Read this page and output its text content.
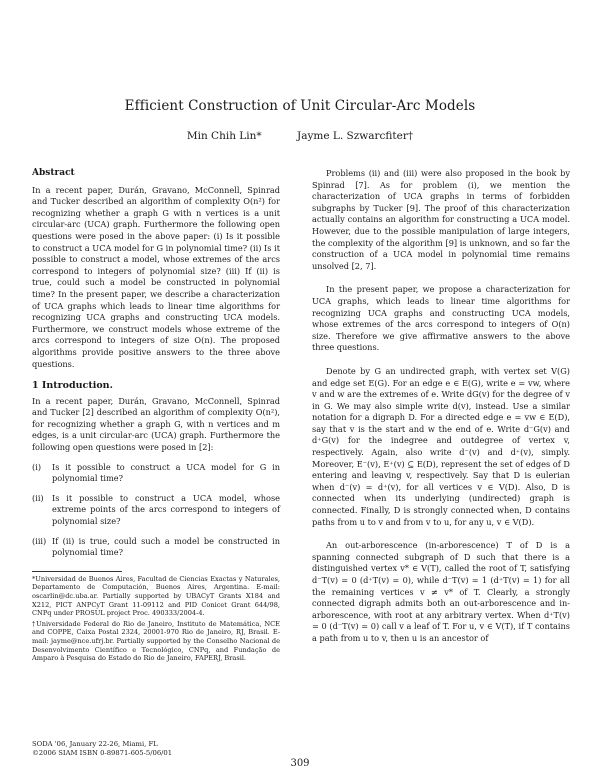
Efficient Construction of Unit Circular-Arc Models
Min Chih Lin*	Jayme L. Szwarcfiter†
Abstract

In a recent paper, Durán, Gravano, McConnell, Spinrad and Tucker described an algorithm of complexity O(n²) for recognizing whether a graph G with n vertices is a unit circular-arc (UCA) graph. Furthermore the following open questions were posed in the above paper: (i) Is it possible to construct a UCA model for G in polynomial time? (ii) Is it possible to construct a model, whose extremes of the arcs correspond to integers of polynomial size? (iii) If (ii) is true, could such a model be constructed in polynomial time? In the present paper, we describe a characterization of UCA graphs which leads to linear time algorithms for recognizing UCA graphs and constructing UCA models. Furthermore, we construct models whose extreme of the arcs correspond to integers of size O(n). The proposed algorithms provide positive answers to the three above questions.

1 Introduction.

In a recent paper, Durán, Gravano, McConnell, Spinrad and Tucker [2] described an algorithm of complexity O(n²), for recognizing whether a graph G, with n vertices and m edges, is a unit circular-arc (UCA) graph. Furthermore the following open questions were posed in [2]:

(i)	Is it possible to construct a UCA model for G in polynomial time?
(ii)	Is it possible to construct a UCA model, whose extreme points of the arcs correspond to integers of polynomial size?
(iii) If (ii) is true, could such a model be constructed in polynomial time?

*Universidad de Buenos Aires, Facultad de Ciencias Exactas y Naturales, Departamento de Computación, Buenos Aires, Argentina. E-mail: oscarlin@dc.uba.ar. Partially supported by UBACyT Grants X184 and X212, PICT ANPCyT Grant 11-09112 and PID Conicet Grant 644/98, CNPq under PROSUL project Proc. 490333/2004-4.

†Universidade Federal do Rio de Janeiro, Instituto de Matemática, NCE and COPPE, Caixa Postal 2324, 20001-970 Rio de Janeiro, RJ, Brasil. E-mail: jayme@nce.ufrj.br. Partially supported by the Conselho Nacional de Desenvolvimento Científico e Tecnológico, CNPq, and Fundação de Amparo à Pesquisa do Estado do Rio de Janeiro, FAPERJ, Brasil.

SODA '06, January 22-26, Miami, FL
©2006 SIAM ISBN 0-89871-605-5/06/01

Problems (ii) and (iii) were also proposed in the book by Spinrad [7]. As for problem (i), we mention the characterization of UCA graphs in terms of forbidden subgraphs by Tucker [9]. The proof of this characterization actually contains an algorithm for constructing a UCA model. However, due to the possible manipulation of large integers, the complexity of the algorithm [9] is unknown, and so far the construction of a UCA model in polynomial time remains unsolved [2, 7].

In the present paper, we propose a characterization for UCA graphs, which leads to linear time algorithms for recognizing UCA graphs and constructing UCA models, whose extremes of the arcs correspond to integers of O(n) size. Therefore we give affirmative answers to the above three questions.

Denote by G an undirected graph, with vertex set V(G) and edge set E(G). For an edge e ∈ E(G), write e = vw, where v and w are the extremes of e. Write dG(v) for the degree of v in G. We may also simple write d(v), instead. Use a similar notation for a digraph D. For a directed edge e = vw ∈ E(D), say that v is the start and w the end of e. Write d⁻G(v) and d⁺G(v) for the indegree and outdegree of vertex v, respectively. Again, also write d⁻(v) and d⁺(v), simply. Moreover, E⁻(v), E⁺(v) ⊆ E(D), represent the set of edges of D entering and leaving v, respectively. Say that D is eulerian when d⁻(v) = d⁺(v), for all vertices v ∈ V(D). Also, D is connected when its underlying (undirected) graph is connected. Finally, D is strongly connected when, D contains paths from u to v and from v to u, for any u, v ∈ V(D).

An out-arborescence (in-arborescence) T of D is a spanning connected subgraph of D such that there is a distinguished vertex v* ∈ V(T), called the root of T, satisfying d⁻T(v) = 0 (d⁺T(v) = 0), while d⁻T(v) = 1 (d⁺T(v) = 1) for all the remaining vertices v ≠ v* of T. Clearly, a strongly connected digraph admits both an out-arborescence and in-arborescence, with root at any arbitrary vertex. When d⁺T(v) = 0 (d⁻T(v) = 0) call v a leaf of T. For u, v ∈ V(T), if T contains a path from u to v, then u is an ancestor of

309
